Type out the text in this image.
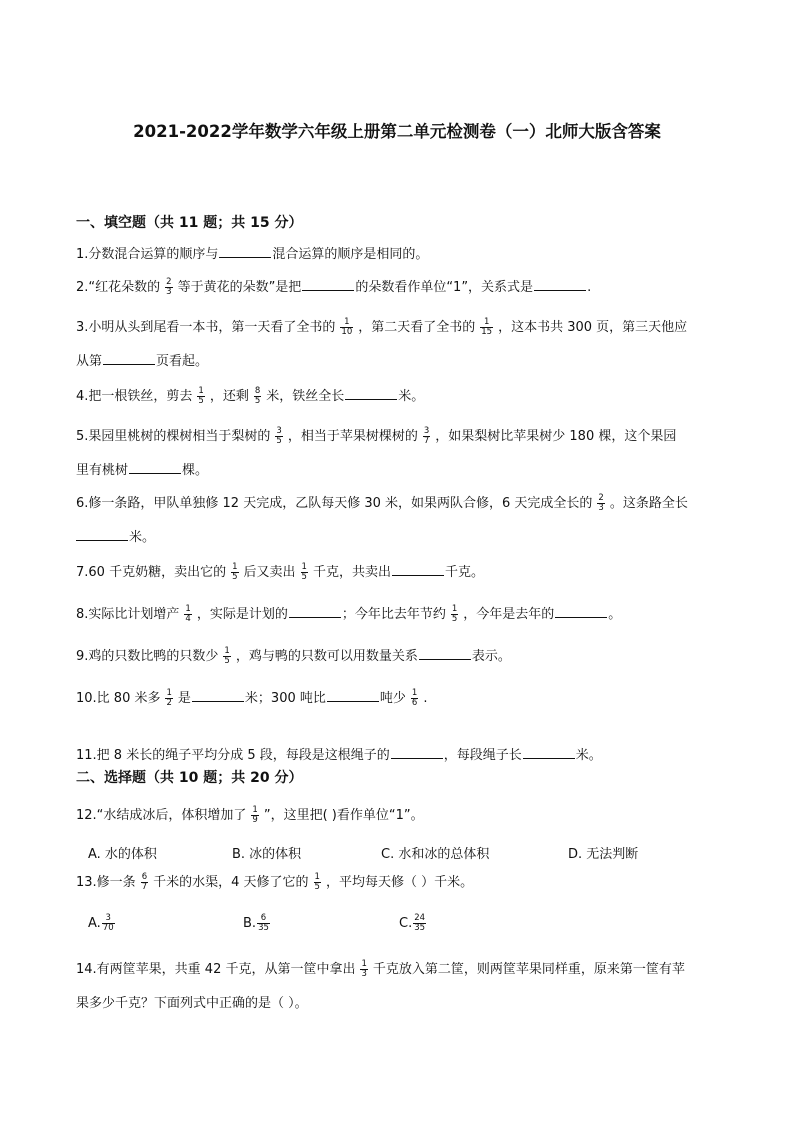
2021-2022学年数学六年级上册第二单元检测卷（一）北师大版含答案
一、填空题（共 11 题；共 15 分）
1.分数混合运算的顺序与	混合运算的顺序是相同的。
2.“红花朵数的 $\frac{2}{3}$ 等于黄花的朵数”是把	的朵数看作单位“1”，关系式是	.
3.小明从头到尾看一本书，第一天看了全书的 $\frac{1}{10}$ ，第二天看了全书的 $\frac{1}{15}$ ，这本书共 300 页，第三天他应
从第	页看起。
4.把一根铁丝，剪去 $\frac{1}{5}$ ，还剩 $\frac{8}{5}$ 米，铁丝全长	米。
5.果园里桃树的棵树相当于梨树的 $\frac{3}{5}$ ，相当于苹果树棵树的 $\frac{3}{7}$ ，如果梨树比苹果树少 180 棵，这个果园
里有桃树	棵。
6.修一条路，甲队单独修 12 天完成，乙队每天修 30 米，如果两队合修，6 天完成全长的 $\frac{2}{3}$ 。这条路全长
米。
7.60 千克奶糖，卖出它的 $\frac{1}{5}$ 后又卖出 $\frac{1}{5}$ 千克，共卖出	千克。
8.实际比计划增产 $\frac{1}{4}$ ，实际是计划的	；今年比去年节约 $\frac{1}{5}$ ，今年是去年的	。
9.鸡的只数比鸭的只数少 $\frac{1}{5}$ ，鸡与鸭的只数可以用数量关系	表示。
10.比 80 米多 $\frac{1}{2}$ 是	米；300 吨比	吨少 $\frac{1}{6}$ .
11.把 8 米长的绳子平均分成 5 段，每段是这根绳子的	，每段绳子长	米。
二、选择题（共 10 题；共 20 分）
12.“水结成冰后，体积增加了 $\frac{1}{9}$ ”，这里把( )看作单位“1”。
A. 水的体积	B. 冰的体积	C. 水和冰的总体积	D. 无法判断
13.修一条 $\frac{6}{7}$ 千米的水渠，4 天修了它的 $\frac{1}{5}$ ，平均每天修（ ）千米。
A. $\frac{3}{70}$	B. $\frac{6}{35}$	C. $\frac{24}{35}$
14.有两筐苹果，共重 42 千克，从第一筐中拿出 $\frac{1}{3}$ 千克放入第二筐，则两筐苹果同样重，原来第一筐有苹
果多少千克？下面列式中正确的是（ ）。
